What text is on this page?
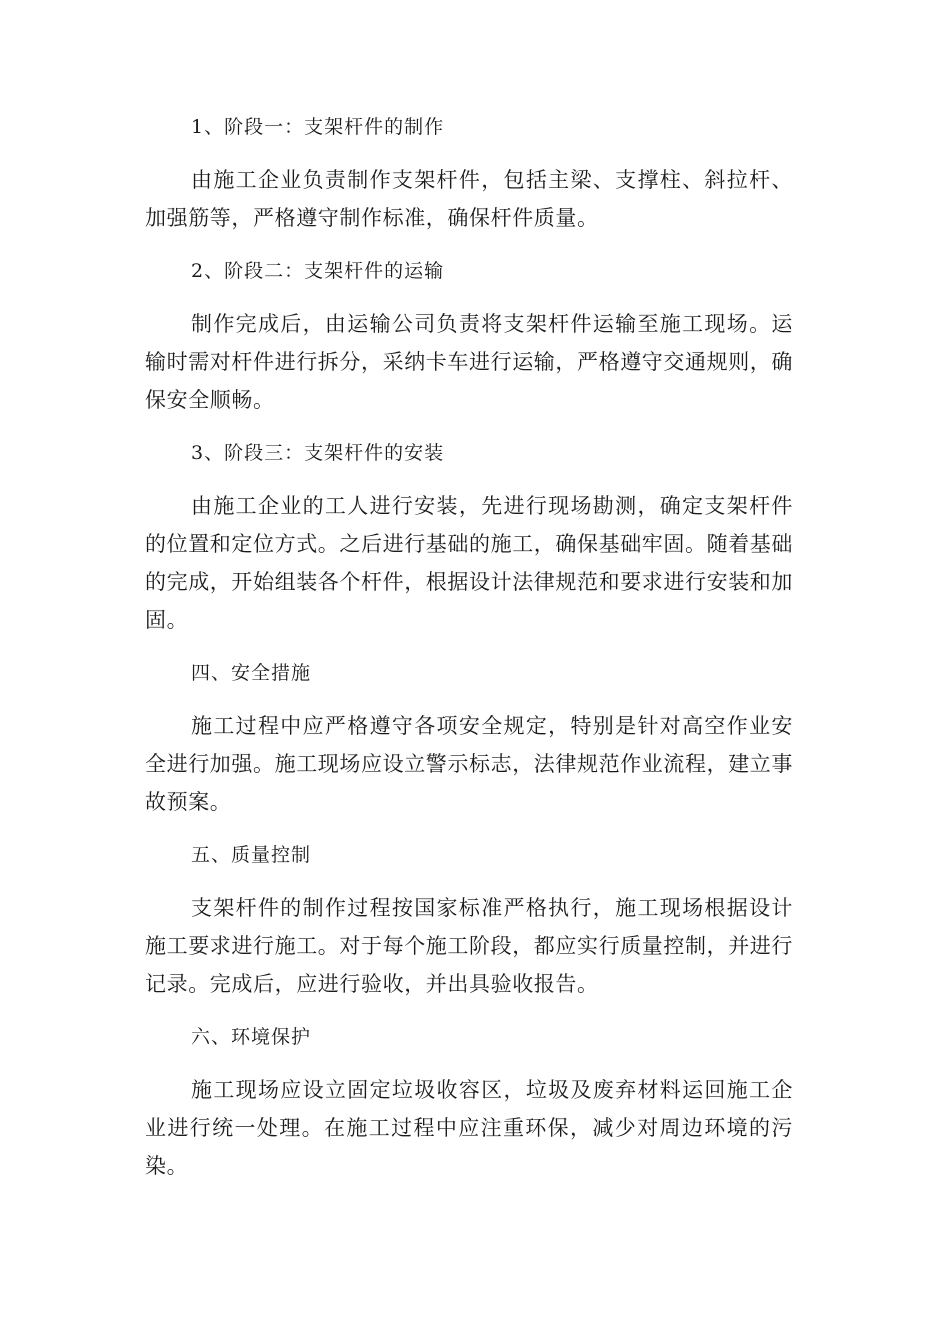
1、阶段一：支架杆件的制作

由施工企业负责制作支架杆件，包括主梁、支撑柱、斜拉杆、加强筋等，严格遵守制作标准，确保杆件质量。

2、阶段二：支架杆件的运输

制作完成后，由运输公司负责将支架杆件运输至施工现场。运输时需对杆件进行拆分，采纳卡车进行运输，严格遵守交通规则，确保安全顺畅。

3、阶段三：支架杆件的安装

由施工企业的工人进行安装，先进行现场勘测，确定支架杆件的位置和定位方式。之后进行基础的施工，确保基础牢固。随着基础的完成，开始组装各个杆件，根据设计法律规范和要求进行安装和加固。

四、安全措施

施工过程中应严格遵守各项安全规定，特别是针对高空作业安全进行加强。施工现场应设立警示标志，法律规范作业流程，建立事故预案。

五、质量控制

支架杆件的制作过程按国家标准严格执行，施工现场根据设计施工要求进行施工。对于每个施工阶段，都应实行质量控制，并进行记录。完成后，应进行验收，并出具验收报告。

六、环境保护

施工现场应设立固定垃圾收容区，垃圾及废弃材料运回施工企业进行统一处理。在施工过程中应注重环保，减少对周边环境的污染。
